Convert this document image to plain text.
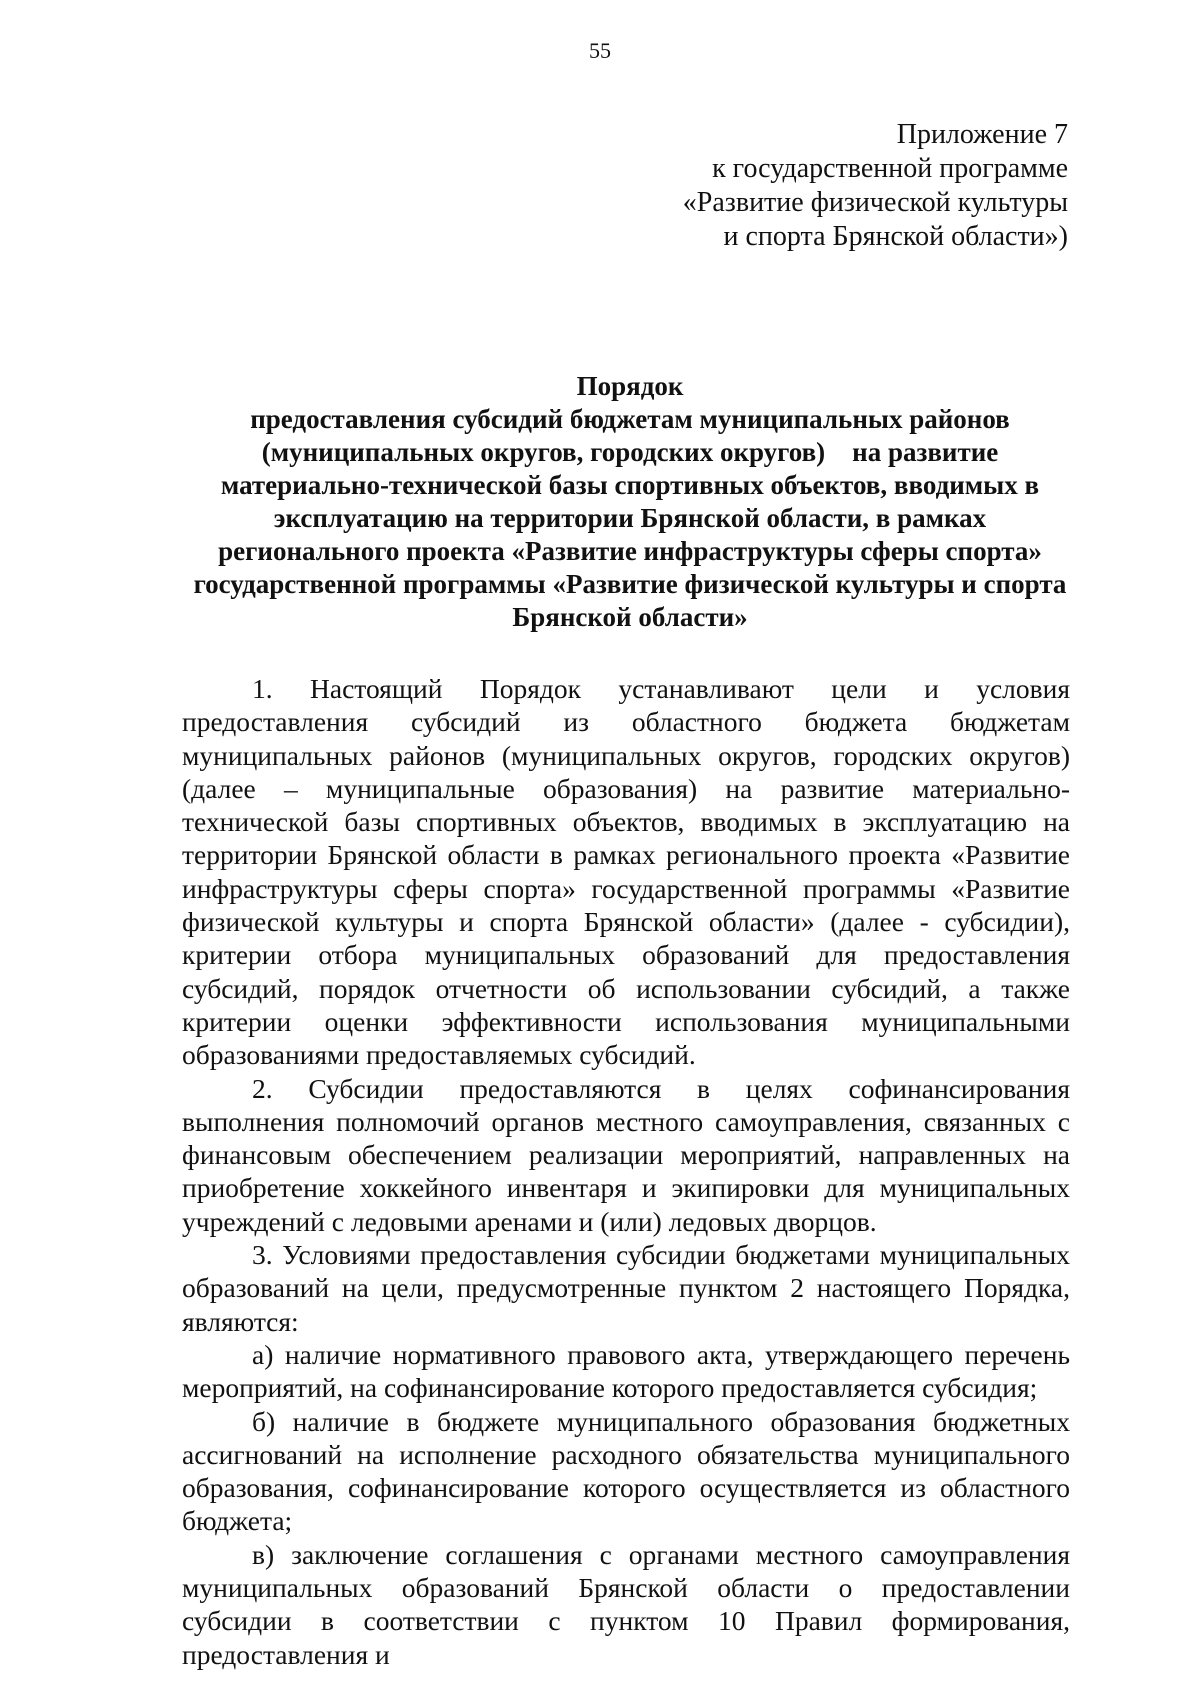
55
Приложение 7
к государственной программе
«Развитие физической культуры
и спорта Брянской области»)
Порядок
предоставления субсидий бюджетам муниципальных районов
(муниципальных округов, городских округов)    на развитие
материально-технической базы спортивных объектов, вводимых в
эксплуатацию на территории Брянской области, в рамках
регионального проекта «Развитие инфраструктуры сферы спорта»
государственной программы «Развитие физической культуры и спорта
Брянской области»

1. Настоящий Порядок устанавливают цели и условия предоставления субсидий из областного бюджета бюджетам муниципальных районов (муниципальных округов, городских округов) (далее – муниципальные образования) на развитие материально-технической базы спортивных объектов, вводимых в эксплуатацию на территории Брянской области в рамках регионального проекта «Развитие инфраструктуры сферы спорта» государственной программы «Развитие физической культуры и спорта Брянской области» (далее - субсидии), критерии отбора муниципальных образований для предоставления субсидий, порядок отчетности об использовании субсидий, а также критерии оценки эффективности использования муниципальными образованиями предоставляемых субсидий.

2. Субсидии предоставляются в целях софинансирования выполнения полномочий органов местного самоуправления, связанных с финансовым обеспечением реализации мероприятий, направленных на приобретение хоккейного инвентаря и экипировки для муниципальных учреждений с ледовыми аренами и (или) ледовых дворцов.

3. Условиями предоставления субсидии бюджетами муниципальных образований на цели, предусмотренные пунктом 2 настоящего Порядка, являются:

а) наличие нормативного правового акта, утверждающего перечень мероприятий, на софинансирование которого предоставляется субсидия;

б) наличие в бюджете муниципального образования бюджетных ассигнований на исполнение расходного обязательства муниципального образования, софинансирование которого осуществляется из областного бюджета;

в) заключение соглашения с органами местного самоуправления муниципальных образований Брянской области о предоставлении субсидии в соответствии с пунктом 10 Правил формирования, предоставления и
